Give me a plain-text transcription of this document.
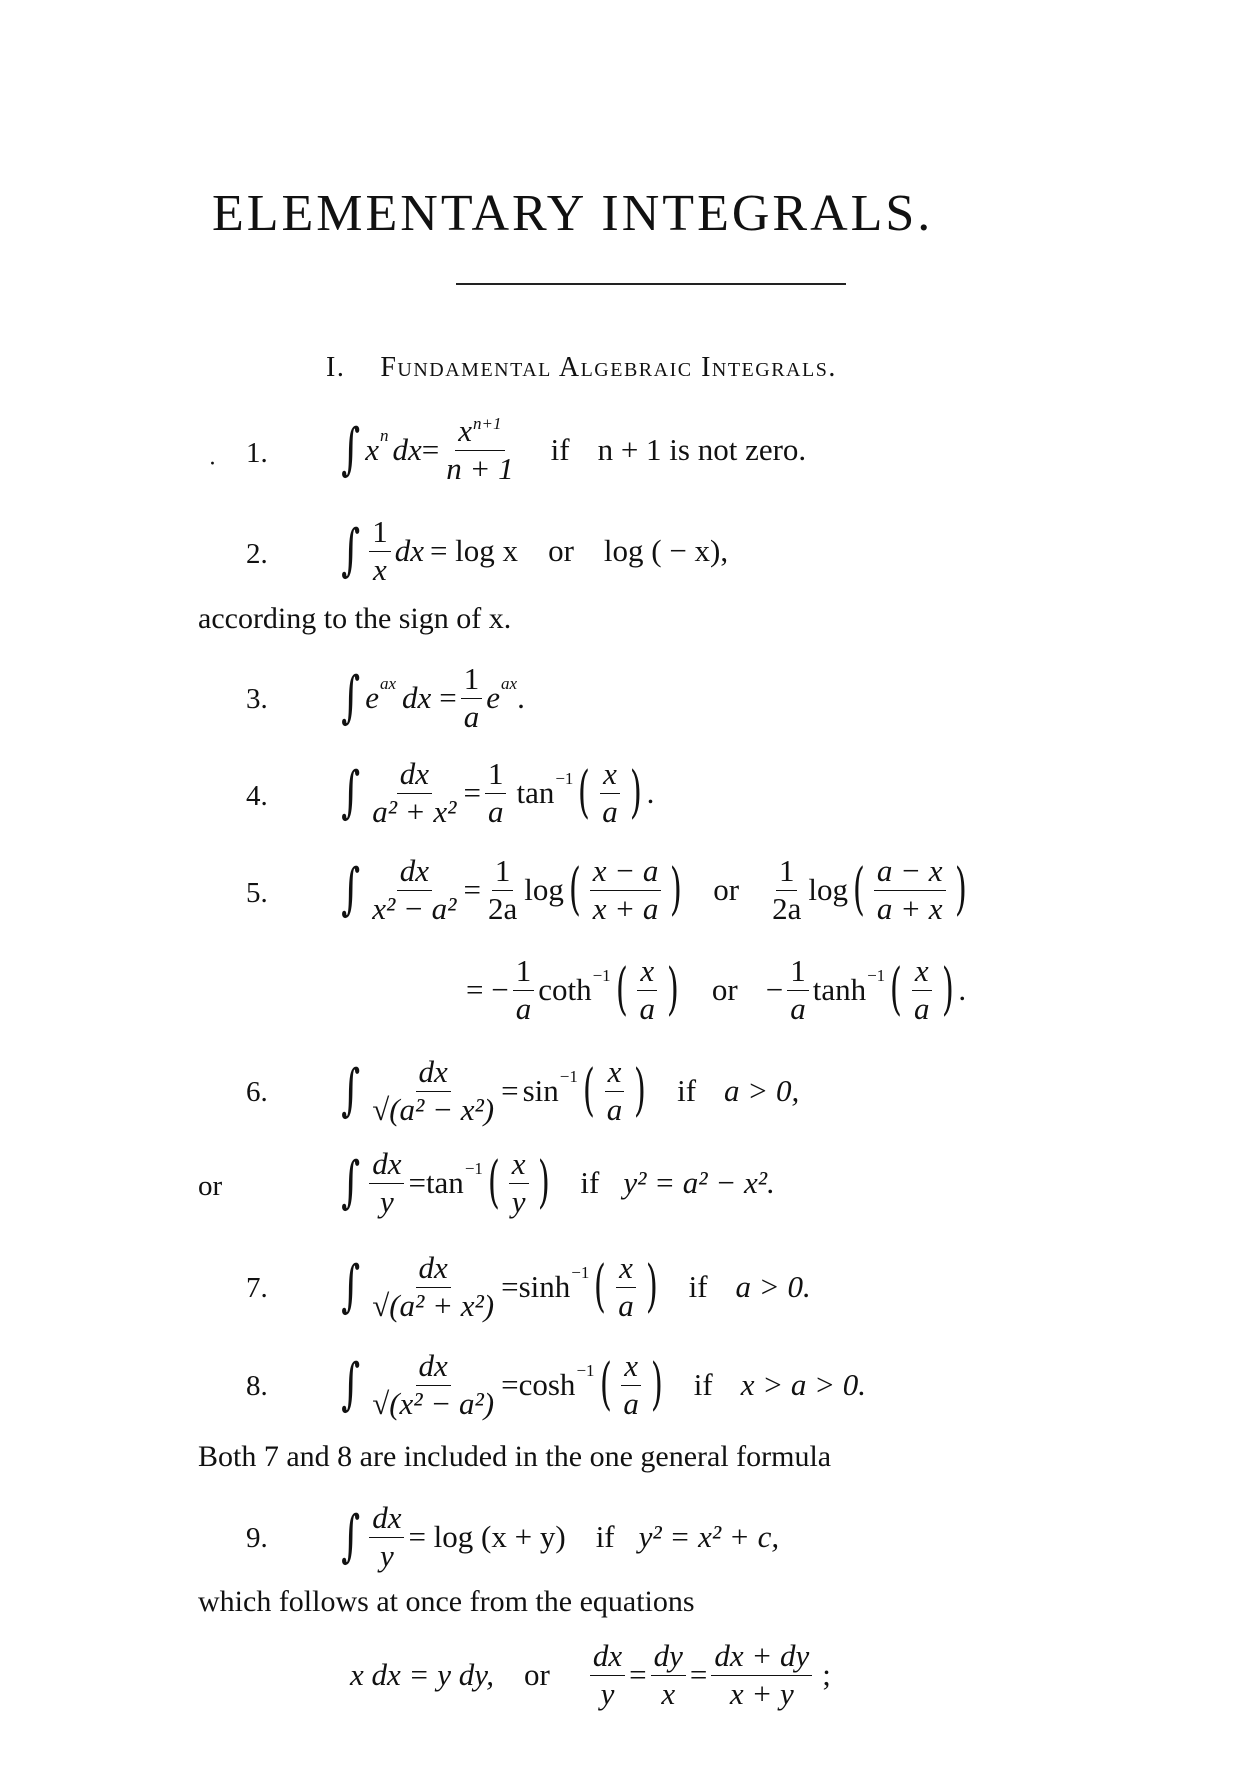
ELEMENTARY INTEGRALS.
I. Fundamental Algebraic Integrals.
· 1. ∫ x n dx = $\frac{x^{n+1}}{n + 1}$ if n + 1 is not zero.
2. ∫ $\frac{1}{x}$ dx = log x or log ( − x),
according to the sign of x.
3. ∫ e ax dx = $\frac{1}{a}$ e ax .
4. ∫ $\frac{dx}{\text{a² + x²}} = \frac{1}{a}$ tan −1 ( $\frac{x}{a}$ ) .
5. ∫ $\frac{dx}{\text{x² − a²}} = \frac{1}{2a}$ log ( $\frac{x - a}{x + a}$ ) or $\frac{1}{2a}$ log ( $\frac{a - x}{a + x}$ )
= − $\frac{1}{a}$ coth −1 ( $\frac{x}{a}$ ) or − $\frac{1}{a}$ tanh −1 ( $\frac{x}{a}$ ) .
6. ∫ $\frac{dx}{\text{√(a² − x²)}} = \sin -1$ ( $\frac{x}{a}$ ) if a > 0,
or ∫ $\frac{dx}{y} = \tan -1$ ( $\frac{x}{y}$ ) if y² = a² − x².
7. ∫ $\frac{dx}{\text{√(a² + x²)}} = \sinh -1$ ( $\frac{x}{a}$ ) if a > 0.
8. ∫ $\frac{dx}{\text{√(x² − a²)}} = \cosh -1$ ( $\frac{x}{a}$ ) if x > a > 0.
Both 7 and 8 are included in the one general formula
9. ∫ $\frac{dx}{y} = \log (x + y)$ if y² = x² + c,
which follows at once from the equations
x dx = y dy, or $\frac{dx}{y} = \frac{dy}{x} = \frac{dx + dy}{x + y}$ ;
